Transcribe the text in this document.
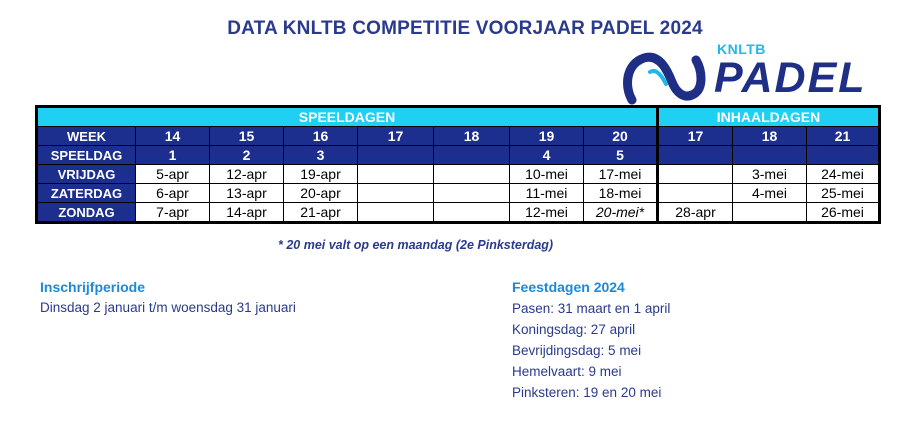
DATA KNLTB COMPETITIE VOORJAAR PADEL 2024
KNLTB
PADEL
SPEELDAGEN								INHAALDAGEN		
WEEK	14	15	16	17	18	19	20	17	18	21
SPEELDAG	1	2	3			4	5			
VRIJDAG	5-apr	12-apr	19-apr			10-mei	17-mei		3-mei	24-mei
ZATERDAG	6-apr	13-apr	20-apr			11-mei	18-mei		4-mei	25-mei
ZONDAG	7-apr	14-apr	21-apr			12-mei	20-mei*	28-apr		26-mei
* 20 mei valt op een maandag (2e Pinksterdag)
Inschrijfperiode
Dinsdag 2 januari t/m woensdag 31 januari
Feestdagen 2024
Pasen: 31 maart en 1 april
Koningsdag: 27 april
Bevrijdingsdag: 5 mei
Hemelvaart: 9 mei
Pinksteren: 19 en 20 mei
